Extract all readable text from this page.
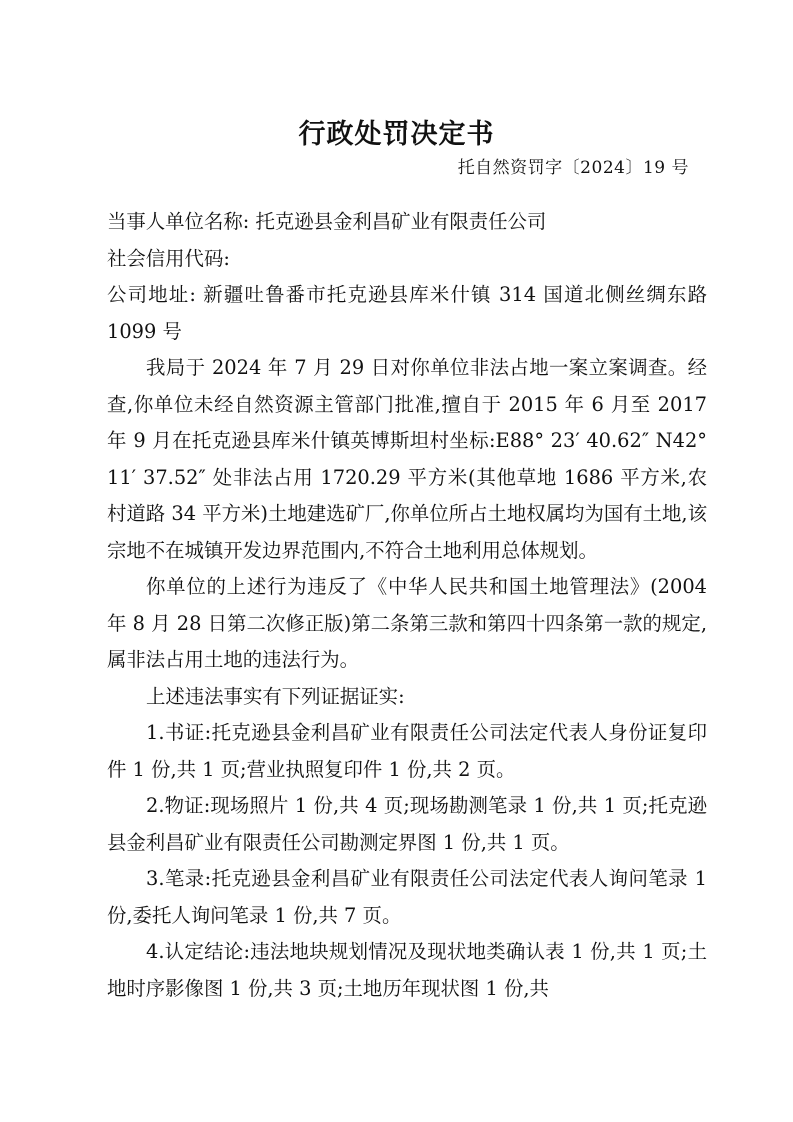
行政处罚决定书
托自然资罚字〔2024〕19 号

当事人单位名称: 托克逊县金利昌矿业有限责任公司

社会信用代码:

公司地址: 新疆吐鲁番市托克逊县库米什镇 314 国道北侧丝绸东路 1099 号

我局于 2024 年 7 月 29 日对你单位非法占地一案立案调查。经查,你单位未经自然资源主管部门批准,擅自于 2015 年 6 月至 2017 年 9 月在托克逊县库米什镇英博斯坦村坐标:E88° 23′ 40.62″ N42° 11′ 37.52″ 处非法占用 1720.29 平方米(其他草地 1686 平方米,农村道路 34 平方米)土地建选矿厂,你单位所占土地权属均为国有土地,该宗地不在城镇开发边界范围内,不符合土地利用总体规划。

你单位的上述行为违反了《中华人民共和国土地管理法》(2004 年 8 月 28 日第二次修正版)第二条第三款和第四十四条第一款的规定,属非法占用土地的违法行为。

上述违法事实有下列证据证实:

1.书证:托克逊县金利昌矿业有限责任公司法定代表人身份证复印件 1 份,共 1 页;营业执照复印件 1 份,共 2 页。

2.物证:现场照片 1 份,共 4 页;现场勘测笔录 1 份,共 1 页;托克逊县金利昌矿业有限责任公司勘测定界图 1 份,共 1 页。

3.笔录:托克逊县金利昌矿业有限责任公司法定代表人询问笔录 1 份,委托人询问笔录 1 份,共 7 页。

4.认定结论:违法地块规划情况及现状地类确认表 1 份,共 1 页;土地时序影像图 1 份,共 3 页;土地历年现状图 1 份,共
